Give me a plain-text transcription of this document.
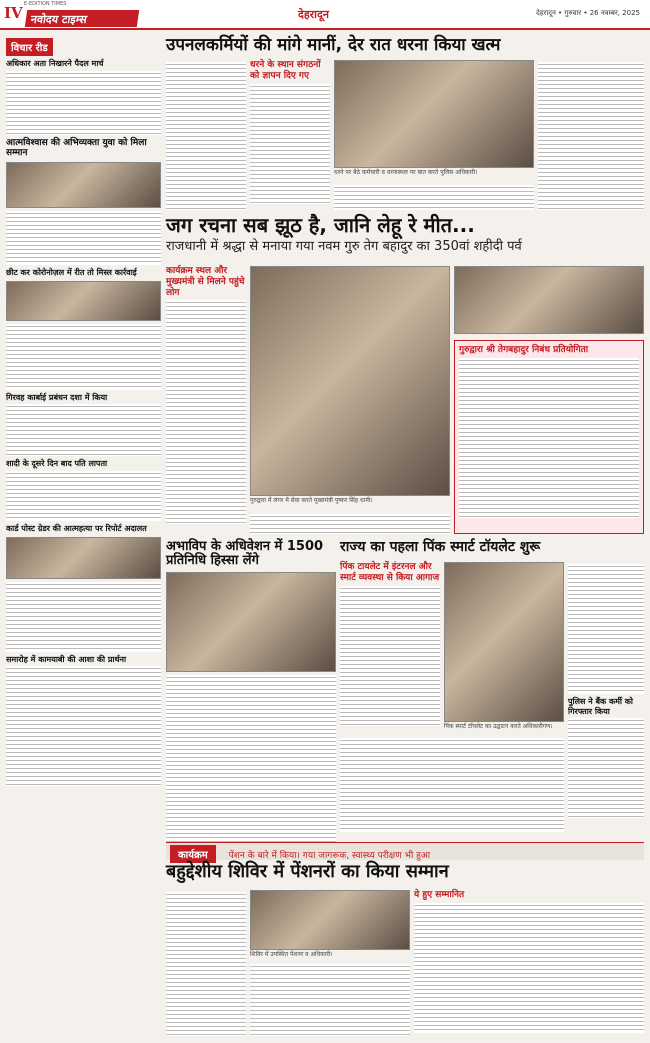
IV E-EDITION TIMES
नवोदय टाइम्स	देहरादून	देहरादून • गुरुवार • 26 नवम्बर, 2025
विचार रीड
अधिकार अता निखारने पैदल मार्च
आत्मविश्वास की अभिव्यक्ता युवा को मिला सम्मान
छीट कर कोरोनोज़ल में रीत तो मिस्ल कार्रवाई
गिरवह कार्बाई प्रबंधन दशा में किया
शादी के दूसरे दिन बाद पति लापता
कार्ड पोस्ट ग्रेडर की आत्महत्या पर रिपोर्ट अदालत
समारोह में कामयाबी की आशा की प्रार्थना
उपनलकर्मियों की मांगे मानीं, देर रात धरना किया खत्म
धरने के स्थान संगठनों को ज्ञापन दिए गए
धरने पर बैठे कर्मचारी व धरनास्थल पर बात करते पुलिस अधिकारी।
जग रचना सब झूठ है, जानि लेहू रे मीत...
राजधानी में श्रद्धा से मनाया गया नवम गुरु तेग बहादुर का 350वां शहीदी पर्व
कार्यक्रम स्थल और मुख्यमंत्री से मिलने पहुंचे लोग
गुरुद्वारा में लंगर में सेवा करते मुख्यमंत्री पुष्कर सिंह धामी।
गुरुद्वारा श्री तेगबहादुर निबंध प्रतियोगिता
अभाविप के अधिवेशन में 1500 प्रतिनिधि हिस्सा लेंगे
राज्य का पहला पिंक स्मार्ट टॉयलेट शुरू
पिंक टायलेट में इंटरनल और स्मार्ट व्यवस्था से किया आगाज
पिंक स्मार्ट टॉयलेट का उद्घाटन करते अधिकारीगण।
पुलिस ने बैंक कर्मी को गिरफ्तार किया
कार्यक्रम पेंशन के बारे में किया। गया जागरूक, स्वास्थ्य परीक्षण भी हुआ
बहुद्देशीय शिविर में पेंशनरों का किया सम्मान
शिविर में उपस्थित पेंशनर व अधिकारी।
ये हुए सम्मानित
